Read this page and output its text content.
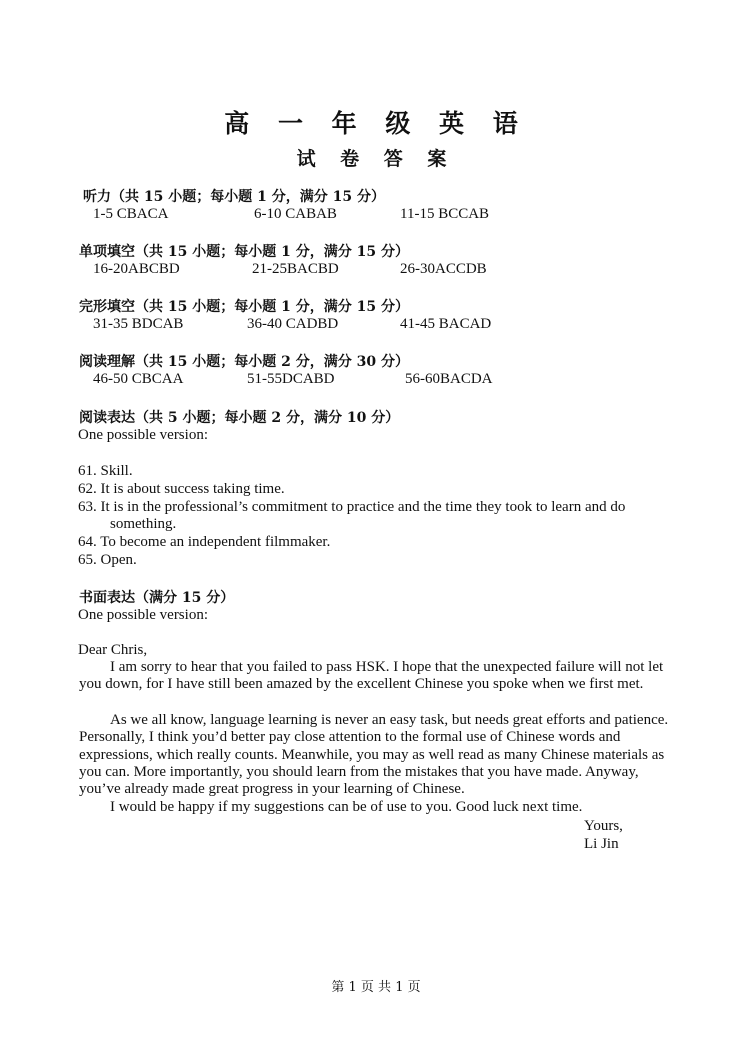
高 一 年 级 英 语
试 卷 答 案
听力（共 15 小题；每小题 1 分，满分 15 分）
1-5 CBACA	6-10 CABAB	11-15 BCCAB
单项填空（共 15 小题；每小题 1 分，满分 15 分）
16-20ABCBD	21-25BACBD	26-30ACCDB
完形填空（共 15 小题；每小题 1 分，满分 15 分）
31-35 BDCAB	36-40 CADBD	41-45 BACAD
阅读理解（共 15 小题；每小题 2 分，满分 30 分）
46-50 CBCAA	51-55DCABD	56-60BACDA
阅读表达（共 5 小题；每小题 2 分，满分 10 分）
One possible version:
61. Skill.
62. It is about success taking time.
63. It is in the professional’s commitment to practice and the time they took to learn and do
something.
64. To become an independent filmmaker.
65. Open.
书面表达（满分 15 分）
One possible version:
Dear Chris,
I am sorry to hear that you failed to pass HSK. I hope that the unexpected failure will not let you down, for I have still been amazed by the excellent Chinese you spoke when we first met.
As we all know, language learning is never an easy task, but needs great efforts and patience. Personally, I think you’d better pay close attention to the formal use of Chinese words and expressions, which really counts. Meanwhile, you may as well read as many Chinese materials as you can. More importantly, you should learn from the mistakes that you have made. Anyway, you’ve already made great progress in your learning of Chinese.
I would be happy if my suggestions can be of use to you. Good luck next time.
Yours,
Li Jin
第 1 页 共 1 页
